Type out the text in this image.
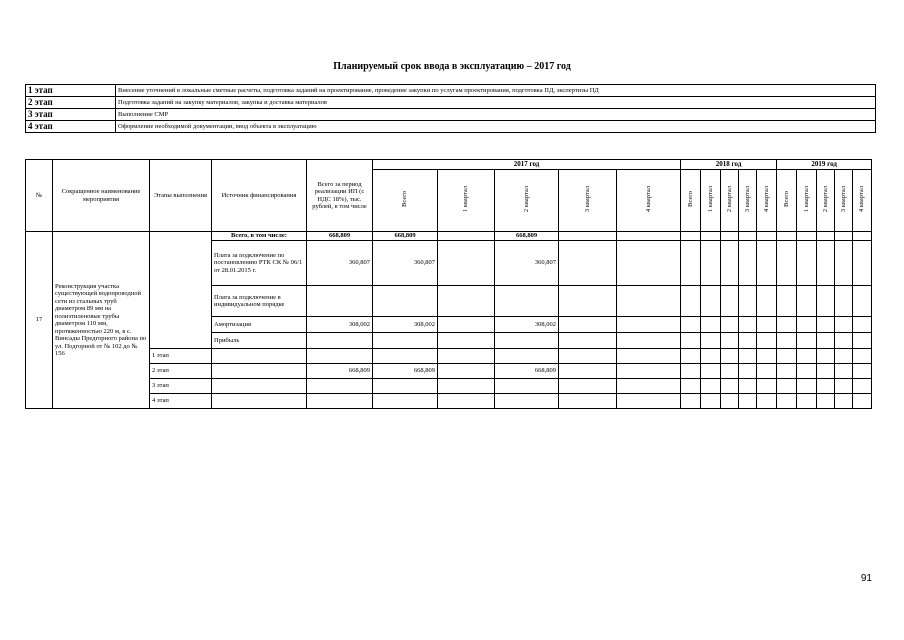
Планируемый срок ввода в эксплуатацию – 2017 год
1 этап	Внесение уточнений в локальные сметные расчеты, подготовка заданий на проектирование, проведение закупки по услугам проектирования, подготовка ПД, экспертизы ПД
2 этап	Подготовка заданий на закупку материалов, закупка и доставка материалов
3 этап	Выполнение СМР
4 этап	Оформление необходимой документации, ввод объекта в эксплуатацию
№	Сокращенное наименование мероприятия	Этапы выполнения	Источник финансирования	Всего за период реализации ИП (с НДС 18%), тыс. рублей, в том числе	2017 год					2018 год					2019 год				
					Всего	1 квартал	2 квартал	3 квартал	4 квартал	Всего	1 квартал	2 квартал	3 квартал	4 квартал	Всего	1 квартал	2 квартал	3 квартал	4 квартал
17	Реконструкция участка существующей водопроводной сети из стальных труб диаметром 89 мм на полиэтиленовые трубы диаметром 110 мм, протяженностью 220 м, в с. Винсады Предгорного района по ул. Подгорной от № 102 до № 156		Всего, в том числе:	668,809	668,809		668,809												
			Плата за подключение по постановлению РТК СК № 06/1 от 28.01.2015 г.	360,807	360,807		360,807												
			Плата за подключение в индивидуальном порядке																
			Амортизация	308,002	308,002		308,002												
			Прибыль																
		1 этап																	
		2 этап		668,809	668,809		668,809												
		3 этап																	
		4 этап																	
91
